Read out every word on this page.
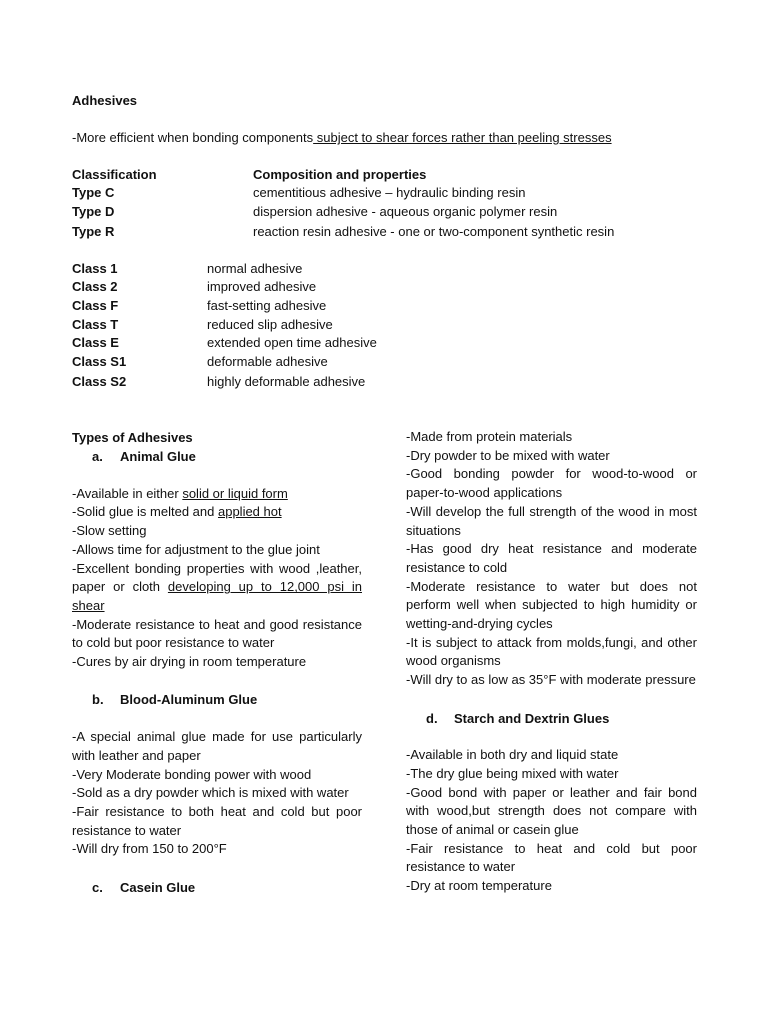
Adhesives
-More efficient when bonding components subject to shear forces rather than peeling stresses
Classification	Composition and properties
Type C	cementitious adhesive – hydraulic binding resin
Type D	dispersion adhesive - aqueous organic polymer resin
Type R	reaction resin adhesive - one or two-component synthetic resin
Class 1	normal adhesive
Class 2	improved adhesive
Class F	fast-setting adhesive
Class T	reduced slip adhesive
Class E	extended open time adhesive
Class S1	deformable adhesive
Class S2	highly deformable adhesive
Types of Adhesives
a. Animal Glue

-Available in either solid or liquid form

-Solid glue is melted and applied hot

-Slow setting

-Allows time for adjustment to the glue joint

-Excellent bonding properties with wood ,leather, paper or cloth developing up to 12,000 psi in shear

-Moderate resistance to heat and good resistance to cold but poor resistance to water

-Cures by air drying in room temperature

b. Blood-Aluminum Glue

-A special animal glue made for use particularly with leather and paper

-Very Moderate bonding power with wood

-Sold as a dry powder which is mixed with water

-Fair resistance to both heat and cold but poor resistance to water

-Will dry from 150 to 200°F

c. Casein Glue

-Made from protein materials

-Dry powder to be mixed with water

-Good bonding powder for wood-to-wood or paper-to-wood applications

-Will develop the full strength of the wood in most situations

-Has good dry heat resistance and moderate resistance to cold

-Moderate resistance to water but does not perform well when subjected to high humidity or wetting-and-drying cycles

-It is subject to attack from molds,fungi, and other wood organisms

-Will dry to as low as 35°F with moderate pressure

d. Starch and Dextrin Glues

-Available in both dry and liquid state

-The dry glue being mixed with water

-Good bond with paper or leather and fair bond with wood,but strength does not compare with those of animal or casein glue

-Fair resistance to heat and cold but poor resistance to water

-Dry at room temperature
